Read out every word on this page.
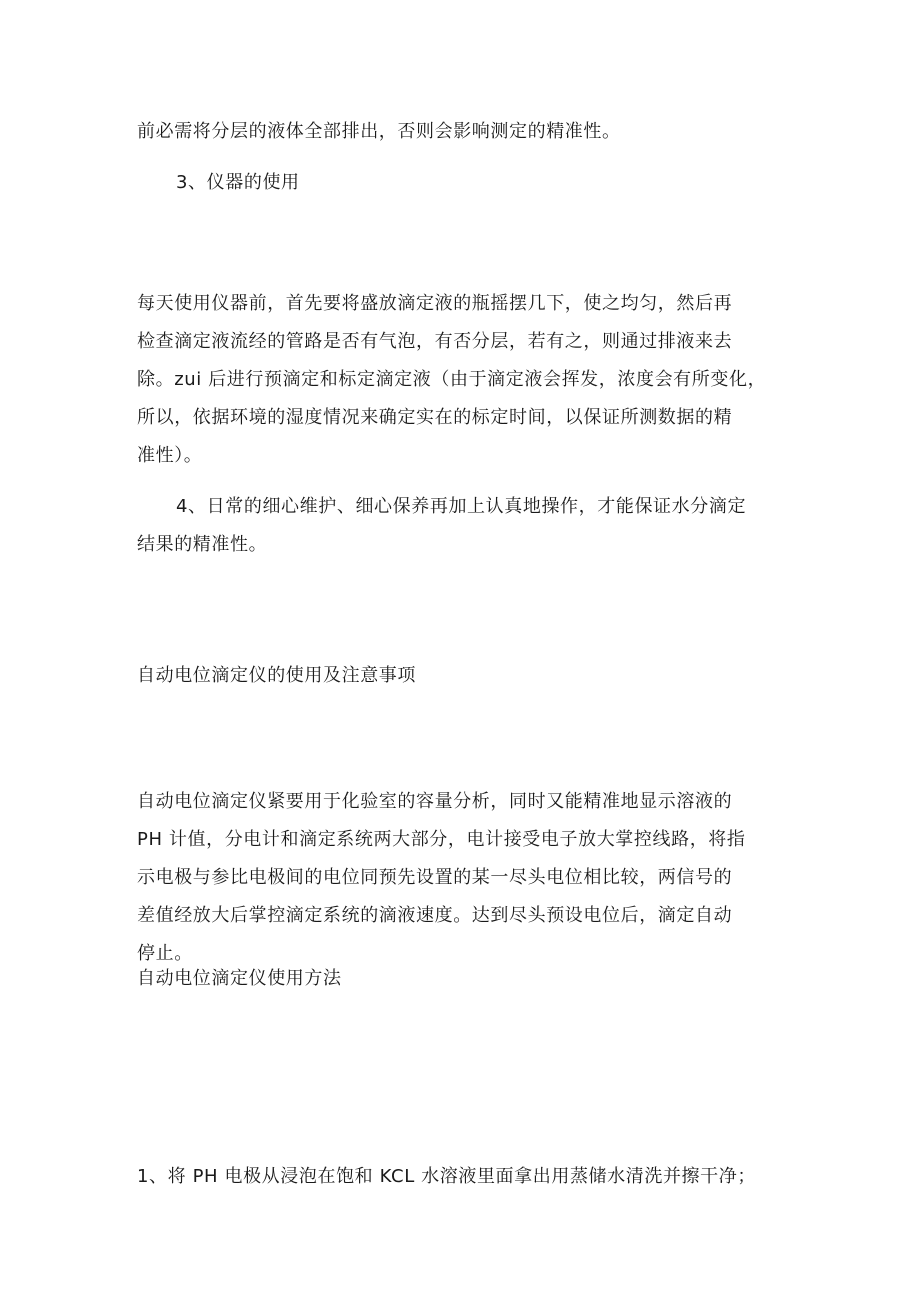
前必需将分层的液体全部排出，否则会影响测定的精准性。
3、仪器的使用
每天使用仪器前，首先要将盛放滴定液的瓶摇摆几下，使之均匀，然后再
检查滴定液流经的管路是否有气泡，有否分层，若有之，则通过排液来去
除。zui 后进行预滴定和标定滴定液（由于滴定液会挥发，浓度会有所变化，
所以，依据环境的湿度情况来确定实在的标定时间，以保证所测数据的精
准性）。
4、日常的细心维护、细心保养再加上认真地操作，才能保证水分滴定
结果的精准性。
自动电位滴定仪的使用及注意事项
自动电位滴定仪紧要用于化验室的容量分析，同时又能精准地显示溶液的
PH 计值，分电计和滴定系统两大部分，电计接受电子放大掌控线路，将指
示电极与参比电极间的电位同预先设置的某一尽头电位相比较，两信号的
差值经放大后掌控滴定系统的滴液速度。达到尽头预设电位后，滴定自动
停止。
自动电位滴定仪使用方法
1、将 PH 电极从浸泡在饱和 KCL 水溶液里面拿出用蒸储水清洗并擦干净；
